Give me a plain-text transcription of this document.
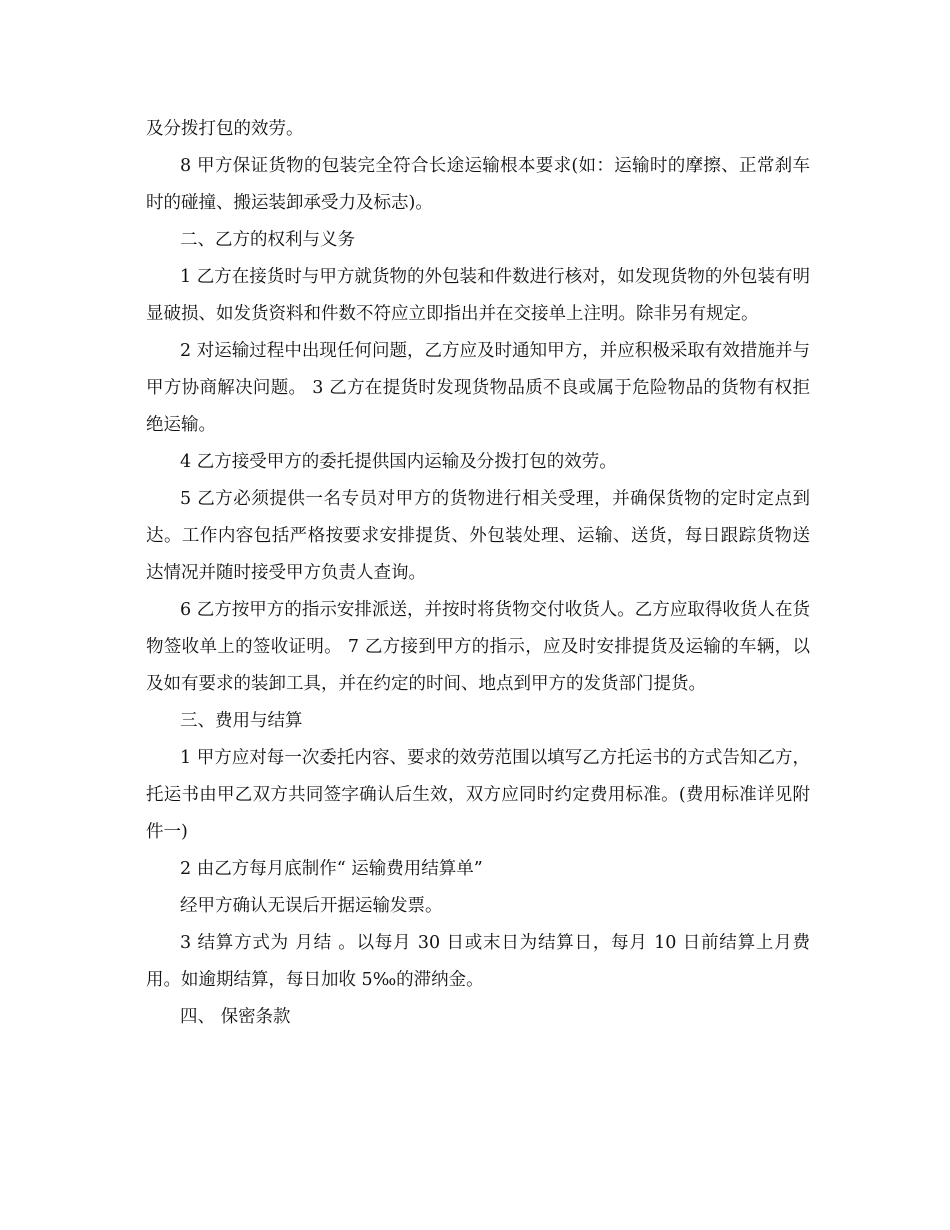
及分拨打包的效劳。

8 甲方保证货物的包装完全符合长途运输根本要求(如：运输时的摩擦、正常刹车时的碰撞、搬运装卸承受力及标志)。

二、乙方的权利与义务

1 乙方在接货时与甲方就货物的外包装和件数进行核对，如发现货物的外包装有明显破损、如发货资料和件数不符应立即指出并在交接单上注明。除非另有规定。

2 对运输过程中出现任何问题，乙方应及时通知甲方，并应积极采取有效措施并与甲方协商解决问题。 3 乙方在提货时发现货物品质不良或属于危险物品的货物有权拒绝运输。

4 乙方接受甲方的委托提供国内运输及分拨打包的效劳。

5 乙方必须提供一名专员对甲方的货物进行相关受理，并确保货物的定时定点到达。工作内容包括严格按要求安排提货、外包装处理、运输、送货，每日跟踪货物送达情况并随时接受甲方负责人查询。

6 乙方按甲方的指示安排派送，并按时将货物交付收货人。乙方应取得收货人在货物签收单上的签收证明。 7 乙方接到甲方的指示，应及时安排提货及运输的车辆，以及如有要求的装卸工具，并在约定的时间、地点到甲方的发货部门提货。

三、费用与结算

1 甲方应对每一次委托内容、要求的效劳范围以填写乙方托运书的方式告知乙方，托运书由甲乙双方共同签字确认后生效，双方应同时约定费用标准。(费用标准详见附件一)

2 由乙方每月底制作“ 运输费用结算单”

经甲方确认无误后开据运输发票。

3 结算方式为 月结 。以每月 30 日或末日为结算日，每月 10 日前结算上月费用。如逾期结算，每日加收 5‰的滞纳金。

四、 保密条款
